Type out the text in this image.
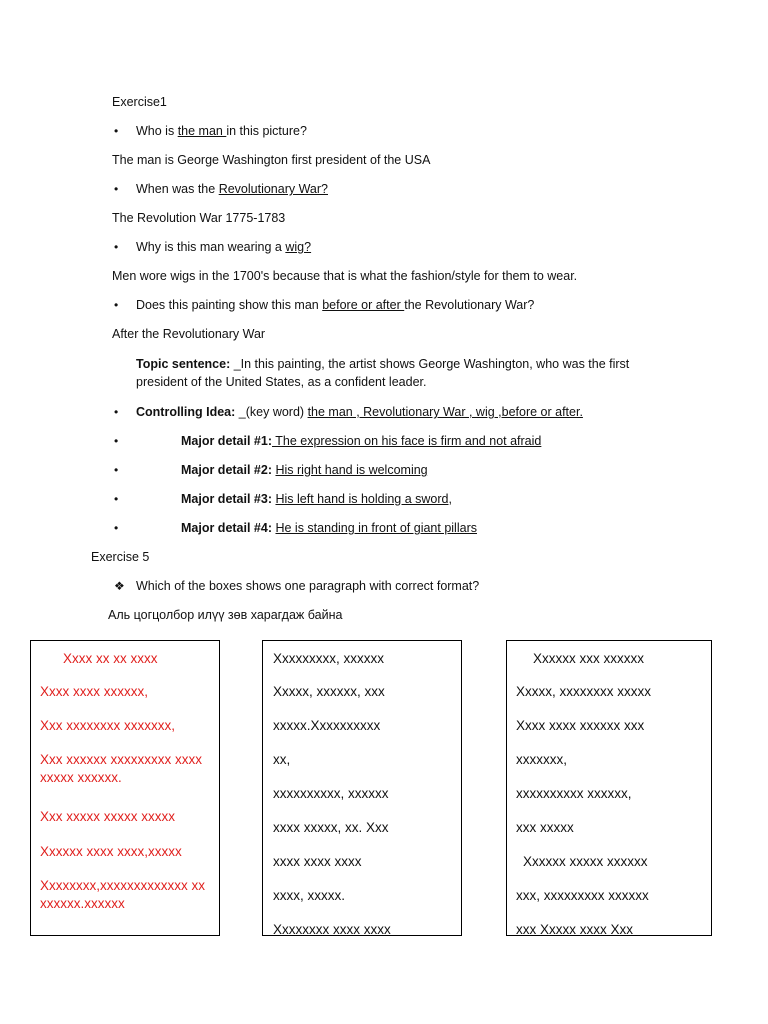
Exercise1
• Who is the man in this picture?
The man is George Washington first president of the USA
• When was the Revolutionary War?
The Revolution War 1775-1783
• Why is this man wearing a wig?
Men wore wigs in the 1700's because that is what the fashion/style for them to wear.
• Does this painting show this man before or after the Revolutionary War?
After the Revolutionary War
Topic sentence: _In this painting, the artist shows George Washington, who was the first
president of the United States, as a confident leader.
• Controlling Idea: _(key word) the man , Revolutionary War , wig ,before or after.
•	Major detail #1: The expression on his face is firm and not afraid
•	Major detail #2: His right hand is welcoming
•	Major detail #3: His left hand is holding a sword,
•	Major detail #4: He is standing in front of giant pillars
Exercise 5
❖ Which of the boxes shows one paragraph with correct format?
Аль цогцолбор илүү зөв харагдаж байна
Xxxx xx xx xxxx
Xxxx xxxx xxxxxx,
Xxx xxxxxxxx xxxxxxx,
Xxx xxxxxx xxxxxxxxx xxxx xxxxx xxxxxx.
Xxx xxxxx xxxxx xxxxx
Xxxxxx xxxx xxxx,xxxxx
Xxxxxxxx,xxxxxxxxxxxxx xx xxxxxx.xxxxxx
Xxxxxxxxx, xxxxxx
Xxxxx, xxxxxx, xxx
xxxxx.Xxxxxxxxxx
xx,
xxxxxxxxxx, xxxxxx
xxxx xxxxx, xx. Xxx
xxxx xxxx xxxx
xxxx, xxxxx.
Xxxxxxxx xxxx xxxx
Xxxxxx xxx xxxxxx
Xxxxx, xxxxxxxx xxxxx
Xxxx xxxx xxxxxx xxx
xxxxxxx,
xxxxxxxxxx xxxxxx,
xxx xxxxx
Xxxxxx xxxxx xxxxxx
xxx, xxxxxxxxx xxxxxx
xxx Xxxxx xxxx Xxx
